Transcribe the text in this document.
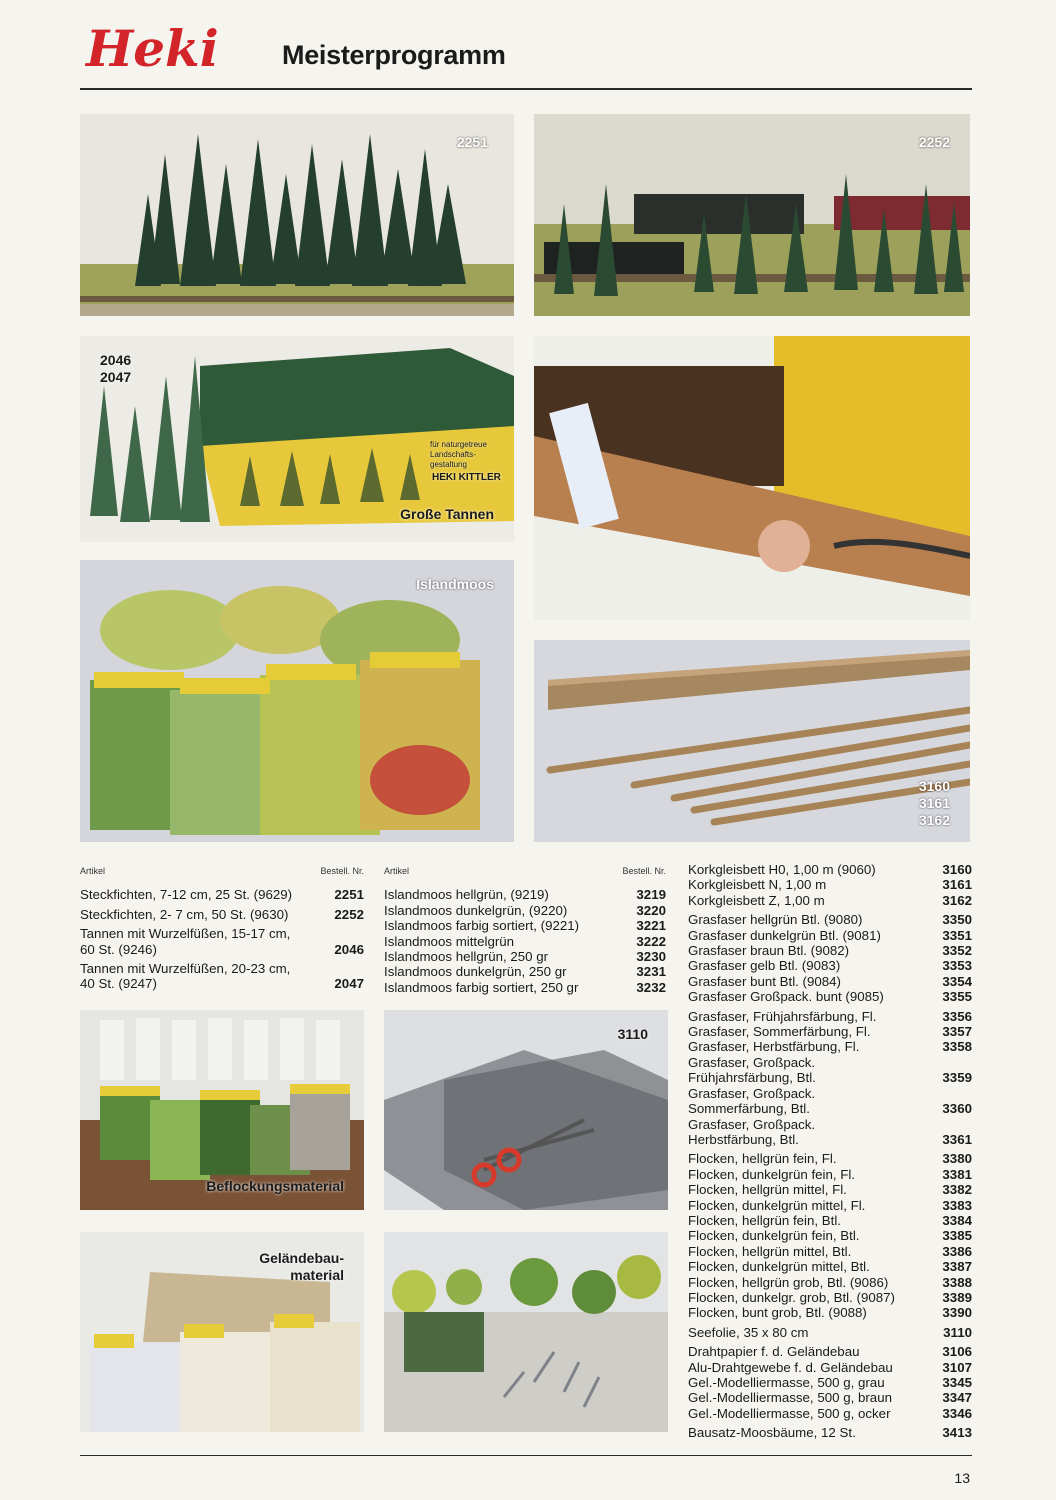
Heki Meisterprogramm
2251	2252
2046
2047
für naturgetreue Landschafts- gestaltung
HEKI KITTLER
Große Tannen
Islandmoos
3160
3161
3162
Artikel	Bestell. Nr.
Steckfichten, 7-12 cm, 25 St. (9629)	2251
Steckfichten, 2- 7 cm, 50 St. (9630)	2252
Tannen mit Wurzelfüßen, 15-17 cm,
60 St. (9246)	2046
Tannen mit Wurzelfüßen, 20-23 cm,
40 St. (9247)	2047
Artikel	Bestell. Nr.
Islandmoos hellgrün, (9219)	3219
Islandmoos dunkelgrün, (9220)	3220
Islandmoos farbig sortiert, (9221)	3221
Islandmoos mittelgrün	3222
Islandmoos hellgrün, 250 gr	3230
Islandmoos dunkelgrün, 250 gr	3231
Islandmoos farbig sortiert, 250 gr	3232
Korkgleisbett H0, 1,00 m (9060)	3160
Korkgleisbett N, 1,00 m	3161
Korkgleisbett Z, 1,00 m	3162
Grasfaser hellgrün Btl. (9080)	3350
Grasfaser dunkelgrün Btl. (9081)	3351
Grasfaser braun Btl. (9082)	3352
Grasfaser gelb Btl. (9083)	3353
Grasfaser bunt Btl. (9084)	3354
Grasfaser Großpack. bunt (9085)	3355
Grasfaser, Frühjahrsfärbung, Fl.	3356
Grasfaser, Sommerfärbung, Fl.	3357
Grasfaser, Herbstfärbung, Fl.	3358
Grasfaser, Großpack.
Frühjahrsfärbung, Btl.	3359
Grasfaser, Großpack.
Sommerfärbung, Btl.	3360
Grasfaser, Großpack.
Herbstfärbung, Btl.	3361
Flocken, hellgrün fein, Fl.	3380
Flocken, dunkelgrün fein, Fl.	3381
Flocken, hellgrün mittel, Fl.	3382
Flocken, dunkelgrün mittel, Fl.	3383
Flocken, hellgrün fein, Btl.	3384
Flocken, dunkelgrün fein, Btl.	3385
Flocken, hellgrün mittel, Btl.	3386
Flocken, dunkelgrün mittel, Btl.	3387
Flocken, hellgrün grob, Btl. (9086)	3388
Flocken, dunkelgr. grob, Btl. (9087)	3389
Flocken, bunt grob, Btl. (9088)	3390
Seefolie, 35 x 80 cm	3110
Drahtpapier f. d. Geländebau	3106
Alu-Drahtgewebe f. d. Geländebau	3107
Gel.-Modelliermasse, 500 g, grau	3345
Gel.-Modelliermasse, 500 g, braun	3347
Gel.-Modelliermasse, 500 g, ocker	3346
Bausatz-Moosbäume, 12 St.	3413
Beflockungsmaterial
3110
Geländebau-
material
13
